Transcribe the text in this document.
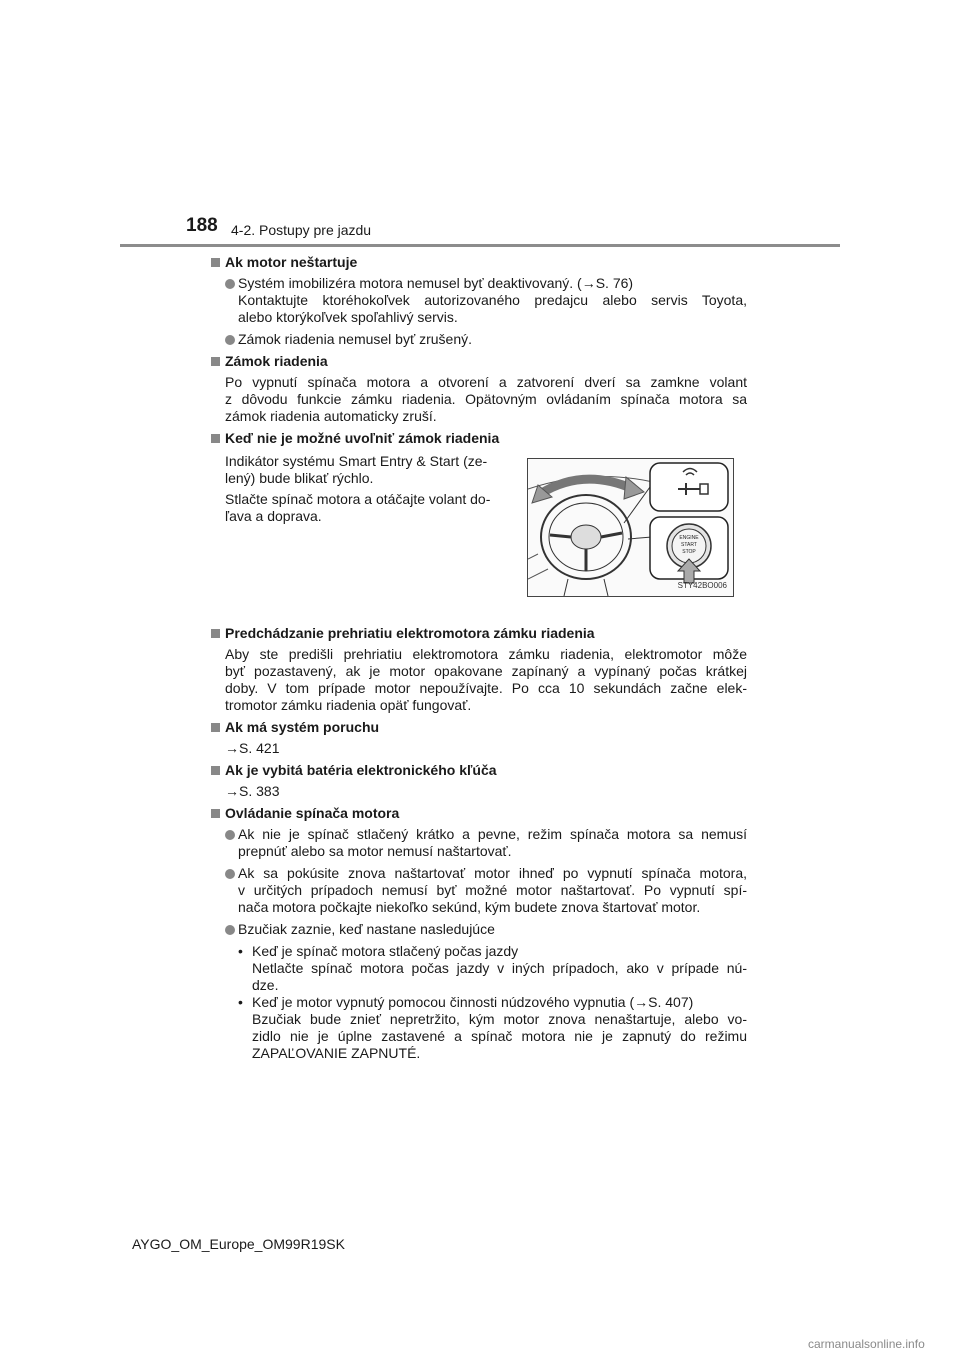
188 4-2. Postupy pre jazdu
Ak motor neštartuje
Systém imobilizéra motora nemusel byť deaktivovaný. (→S. 76)
Kontaktujte ktoréhokoľvek autorizovaného predajcu alebo servis Toyota,
alebo ktorýkoľvek spoľahlivý servis.
Zámok riadenia nemusel byť zrušený.
Zámok riadenia
Po vypnutí spínača motora a otvorení a zatvorení dverí sa zamkne volant
z dôvodu funkcie zámku riadenia. Opätovným ovládaním spínača motora sa
zámok riadenia automaticky zruší.
Keď nie je možné uvoľniť zámok riadenia
Indikátor systému Smart Entry & Start (ze-
lený) bude blikať rýchlo.
Stlačte spínač motora a otáčajte volant do-
ľava a doprava.
ENGINE
START
STOP
STY42BO006
Predchádzanie prehriatiu elektromotora zámku riadenia
Aby ste predišli prehriatiu elektromotora zámku riadenia, elektromotor môže
byť pozastavený, ak je motor opakovane zapínaný a vypínaný počas krátkej
doby. V tom prípade motor nepoužívajte. Po cca 10 sekundách začne elek-
tromotor zámku riadenia opäť fungovať.
Ak má systém poruchu
→S. 421
Ak je vybitá batéria elektronického kľúča
→S. 383
Ovládanie spínača motora
Ak nie je spínač stlačený krátko a pevne, režim spínača motora sa nemusí
prepnúť alebo sa motor nemusí naštartovať.
Ak sa pokúsite znova naštartovať motor ihneď po vypnutí spínača motora,
v určitých prípadoch nemusí byť možné motor naštartovať. Po vypnutí spí-
nača motora počkajte niekoľko sekúnd, kým budete znova štartovať motor.
Bzučiak zaznie, keď nastane nasledujúce
• Keď je spínač motora stlačený počas jazdy
Netlačte spínač motora počas jazdy v iných prípadoch, ako v prípade nú-
dze.
• Keď je motor vypnutý pomocou činnosti núdzového vypnutia (→S. 407)
Bzučiak bude znieť nepretržito, kým motor znova nenaštartuje, alebo vo-
zidlo nie je úplne zastavené a spínač motora nie je zapnutý do režimu
ZAPAĽOVANIE ZAPNUTÉ.
AYGO_OM_Europe_OM99R19SK
carmanualsonline.info
